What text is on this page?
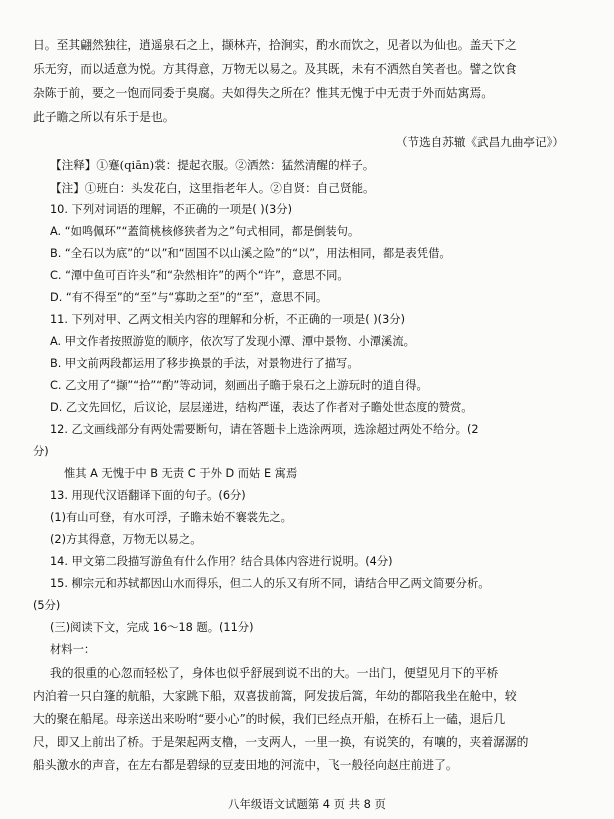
日。至其翩然独往，逍遥泉石之上，撷林卉，拾涧实，酌水而饮之，见者以为仙也。盖天下之
乐无穷，而以适意为悦。方其得意，万物无以易之。及其既，未有不洒然自笑者也。譬之饮食
杂陈于前，要之一饱而同委于臭腐。夫如得失之所在？惟其无愧于中无责于外而姑寓焉。
此子瞻之所以有乐于是也。
（节选自苏辙《武昌九曲亭记》）
【注释】①蹇(qiān)裳：提起衣服。②洒然：猛然清醒的样子。
【注】①班白：头发花白，这里指老年人。②自贤：自己贤能。
10. 下列对词语的理解，不正确的一项是( )(3分)
A. “如鸣佩环”“蓋简桃核修狭者为之”句式相同，都是倒装句。
B. “全石以为底”的“以”和“固国不以山溪之险”的“以”，用法相同，都是表凭借。
C. “潭中鱼可百许头”和“杂然相许”的两个“许”，意思不同。
D. “有不得至”的“至”与“寡助之至”的“至”，意思不同。
11. 下列对甲、乙两文相关内容的理解和分析，不正确的一项是( )(3分)
A. 甲文作者按照游览的顺序，依次写了发现小潭、潭中景物、小潭溪流。
B. 甲文前两段都运用了移步换景的手法，对景物进行了描写。
C. 乙文用了“撷”“拾”“酌”等动词，刻画出子瞻于泉石之上游玩时的逍自得。
D. 乙文先回忆，后议论，层层递进，结构严谨，表达了作者对子瞻处世态度的赞赏。
12. 乙文画线部分有两处需要断句，请在答题卡上选涂两项，选涂超过两处不给分。(2
分)
惟其 A 无愧于中 B 无责 C 于外 D 而姑 E 寓焉
13. 用现代汉语翻译下面的句子。(6分)
(1)有山可登，有水可浮，子瞻未始不褰裳先之。
(2)方其得意，万物无以易之。
14. 甲文第二段描写游鱼有什么作用？结合具体内容进行说明。(4分)
15. 柳宗元和苏轼都因山水而得乐，但二人的乐又有所不同，请结合甲乙两文简要分析。
(5分)
(三)阅读下文，完成 16～18 题。(11分)
材料一：
我的很重的心忽而轻松了，身体也似乎舒展到说不出的大。一出门，便望见月下的平桥
内泊着一只白篷的航船，大家跳下船，双喜拔前篙，阿发拔后篙，年幼的都陪我坐在舱中，较
大的聚在船尾。母亲送出来吩咐“要小心”的时候，我们已经点开船，在桥石上一磕，退后几
尺，即又上前出了桥。于是架起两支橹，一支两人，一里一换，有说笑的，有嚷的，夹着潺潺的
船头激水的声音，在左右都是碧绿的豆麦田地的河流中，飞一般径向赵庄前进了。
八年级语文试题第 4 页 共 8 页
